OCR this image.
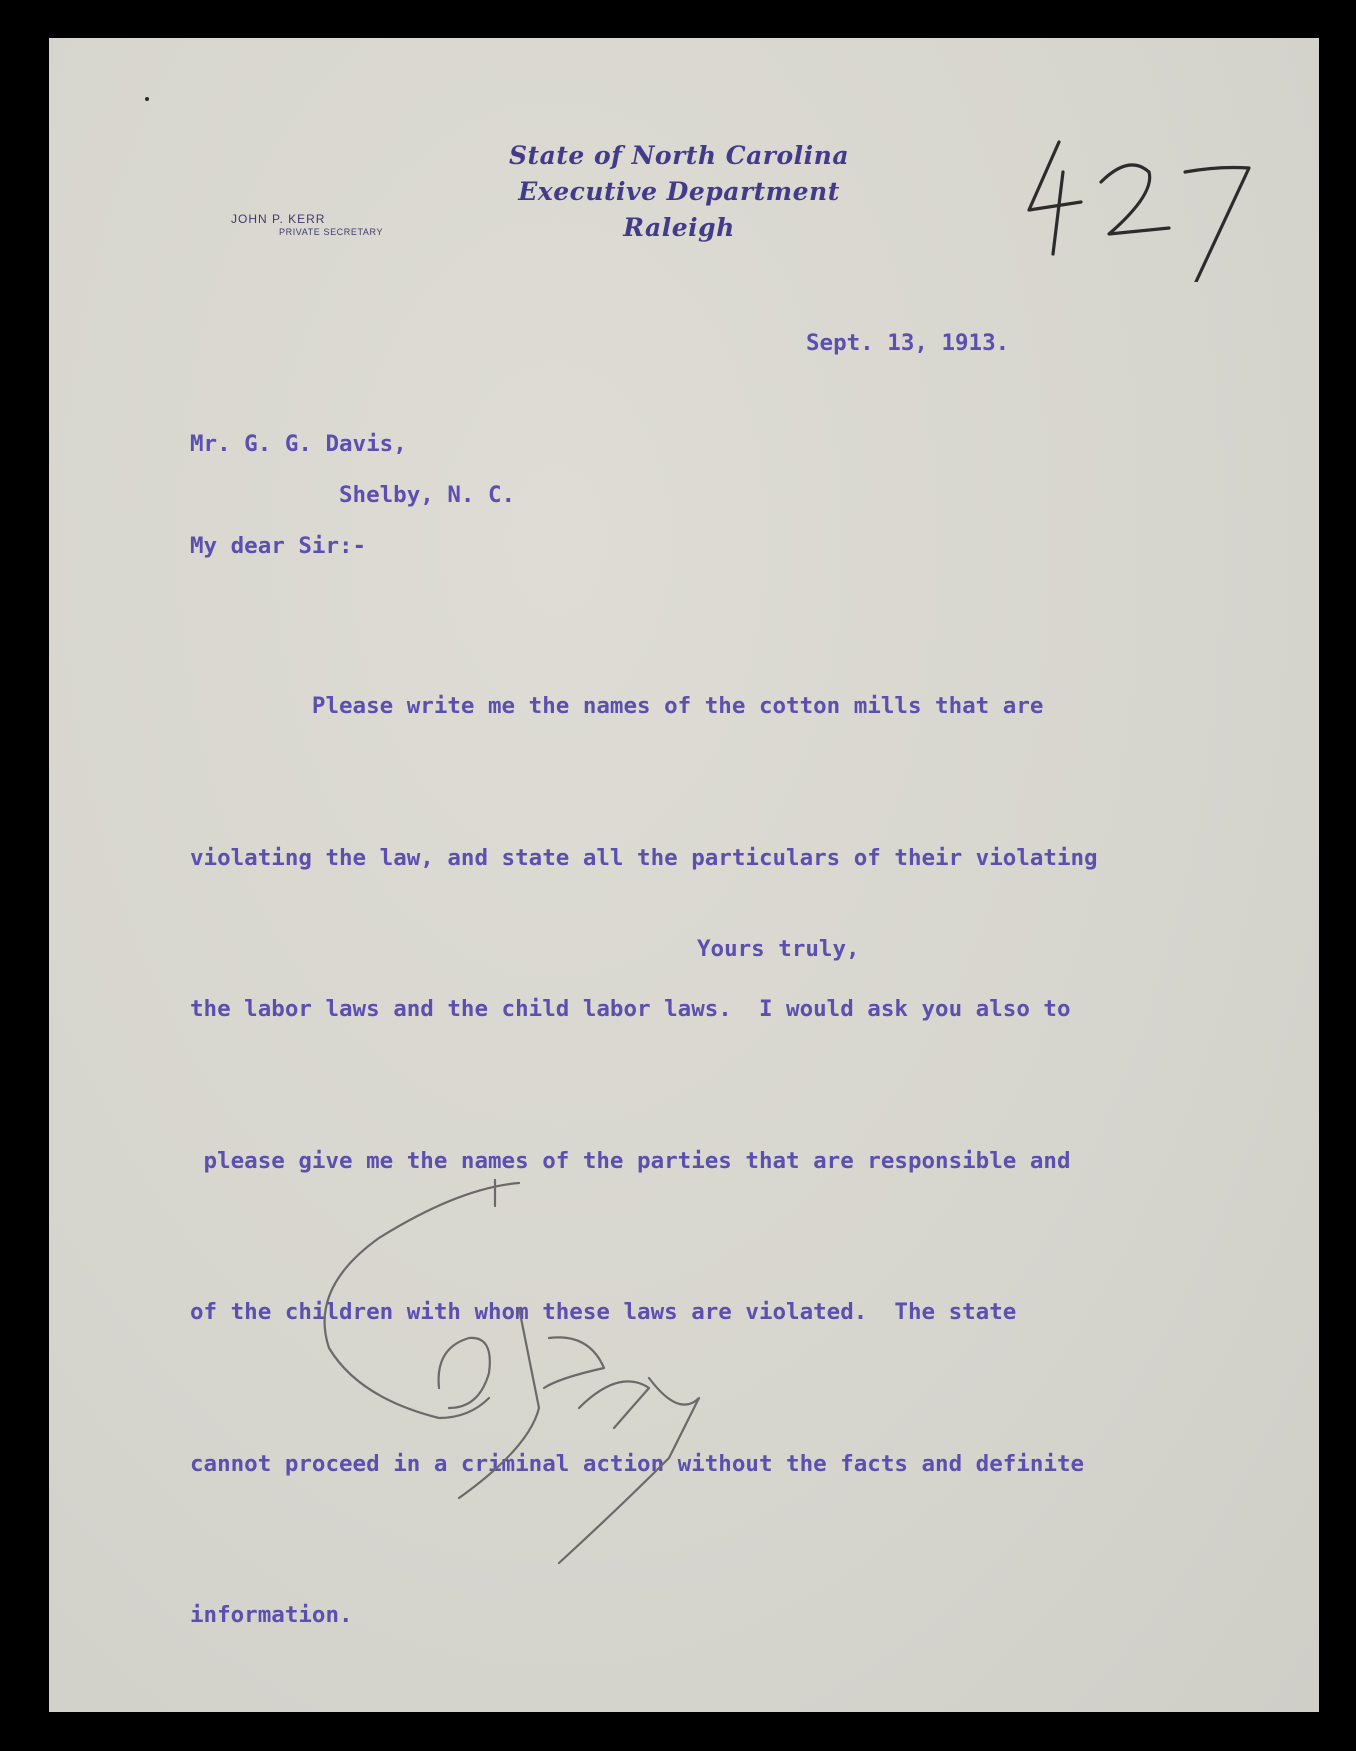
JOHN P. KERR
PRIVATE SECRETARY
State of North Carolina
Executive Department
Raleigh
Sept. 13, 1913.
Mr. G. G. Davis,
Shelby, N. C.
My dear Sir:-

Please write me the names of the cotton mills that are

violating the law, and state all the particulars of their violating

the labor laws and the child labor laws.  I would ask you also to

please give me the names of the parties that are responsible and

of the children with whom these laws are violated.  The state

cannot proceed in a criminal action without the facts and definite

information.

Yours truly,
